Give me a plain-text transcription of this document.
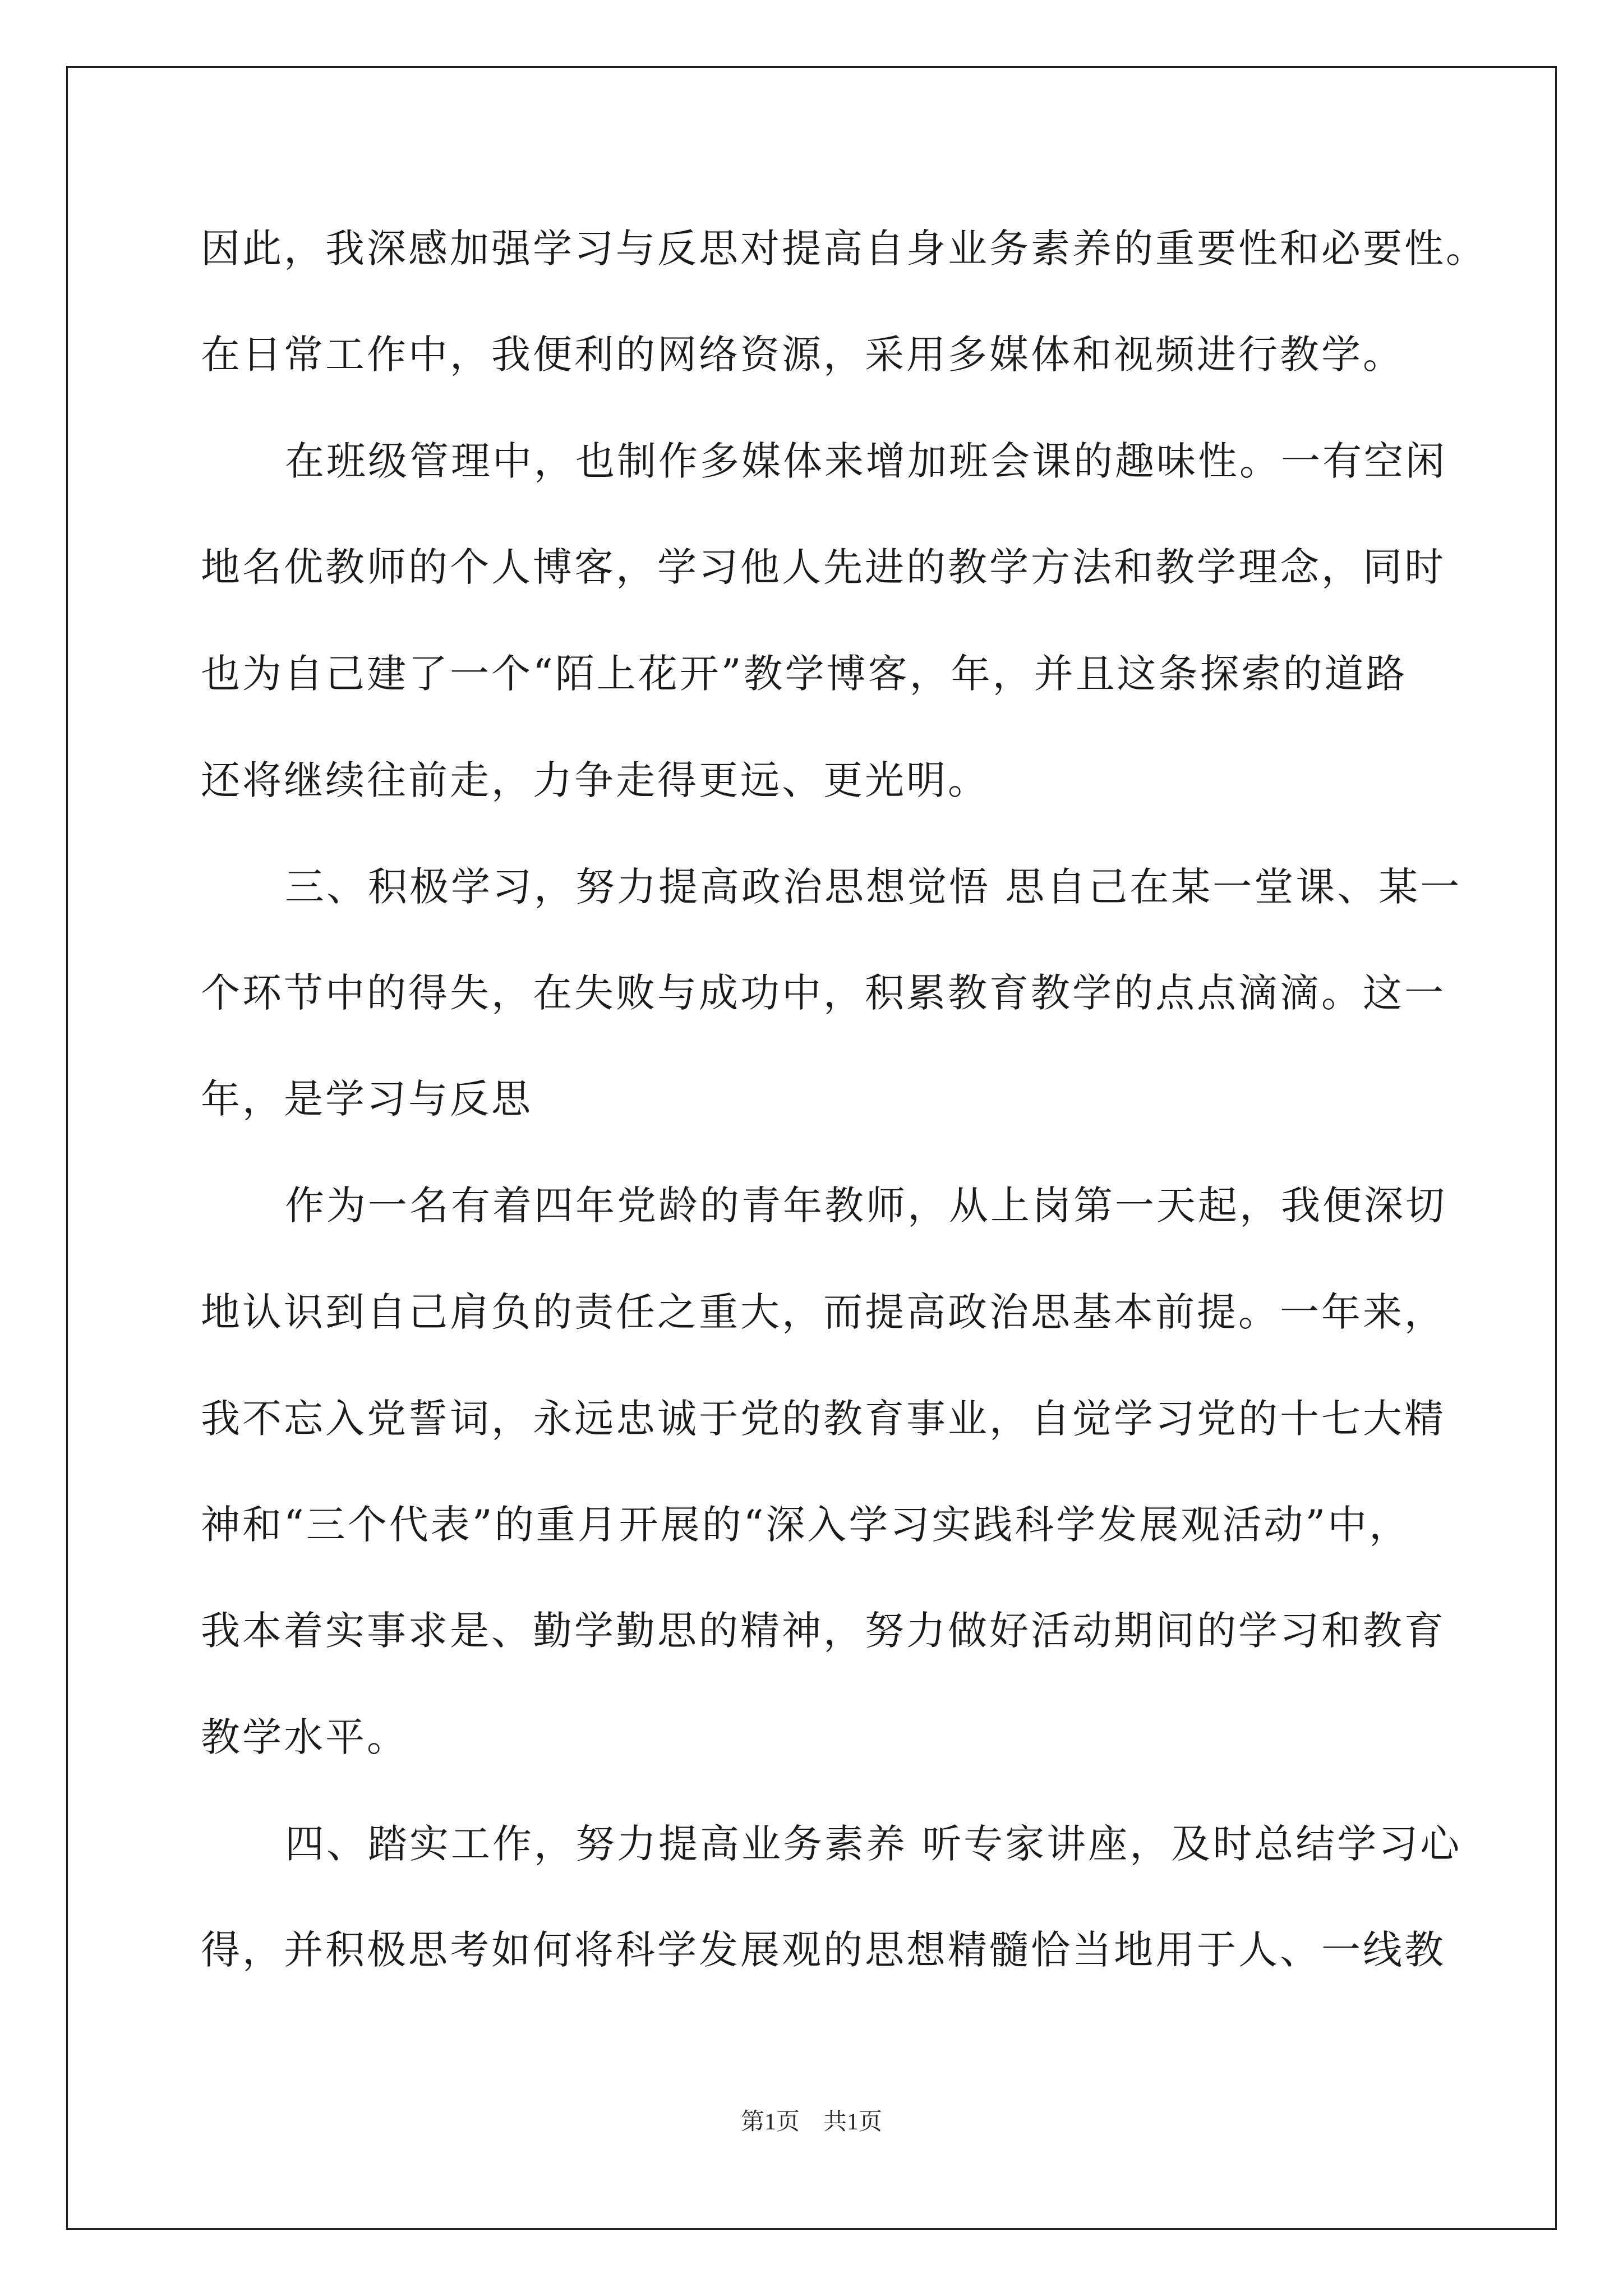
因此，我深感加强学习与反思对提高自身业务素养的重要性和必要性。

在日常工作中，我便利的网络资源，采用多媒体和视频进行教学。

在班级管理中，也制作多媒体来增加班会课的趣味性。一有空闲

地名优教师的个人博客，学习他人先进的教学方法和教学理念，同时

也为自己建了一个“陌上花开”教学博客，年，并且这条探索的道路

还将继续往前走，力争走得更远、更光明。

三、积极学习，努力提高政治思想觉悟 思自己在某一堂课、某一

个环节中的得失，在失败与成功中，积累教育教学的点点滴滴。这一

年，是学习与反思

作为一名有着四年党龄的青年教师，从上岗第一天起，我便深切

地认识到自己肩负的责任之重大，而提高政治思基本前提。一年来，

我不忘入党誓词，永远忠诚于党的教育事业，自觉学习党的十七大精

神和“三个代表”的重月开展的“深入学习实践科学发展观活动”中，

我本着实事求是、勤学勤思的精神，努力做好活动期间的学习和教育

教学水平。

四、踏实工作，努力提高业务素养 听专家讲座，及时总结学习心

得，并积极思考如何将科学发展观的思想精髓恰当地用于人、一线教

第1页　共1页
